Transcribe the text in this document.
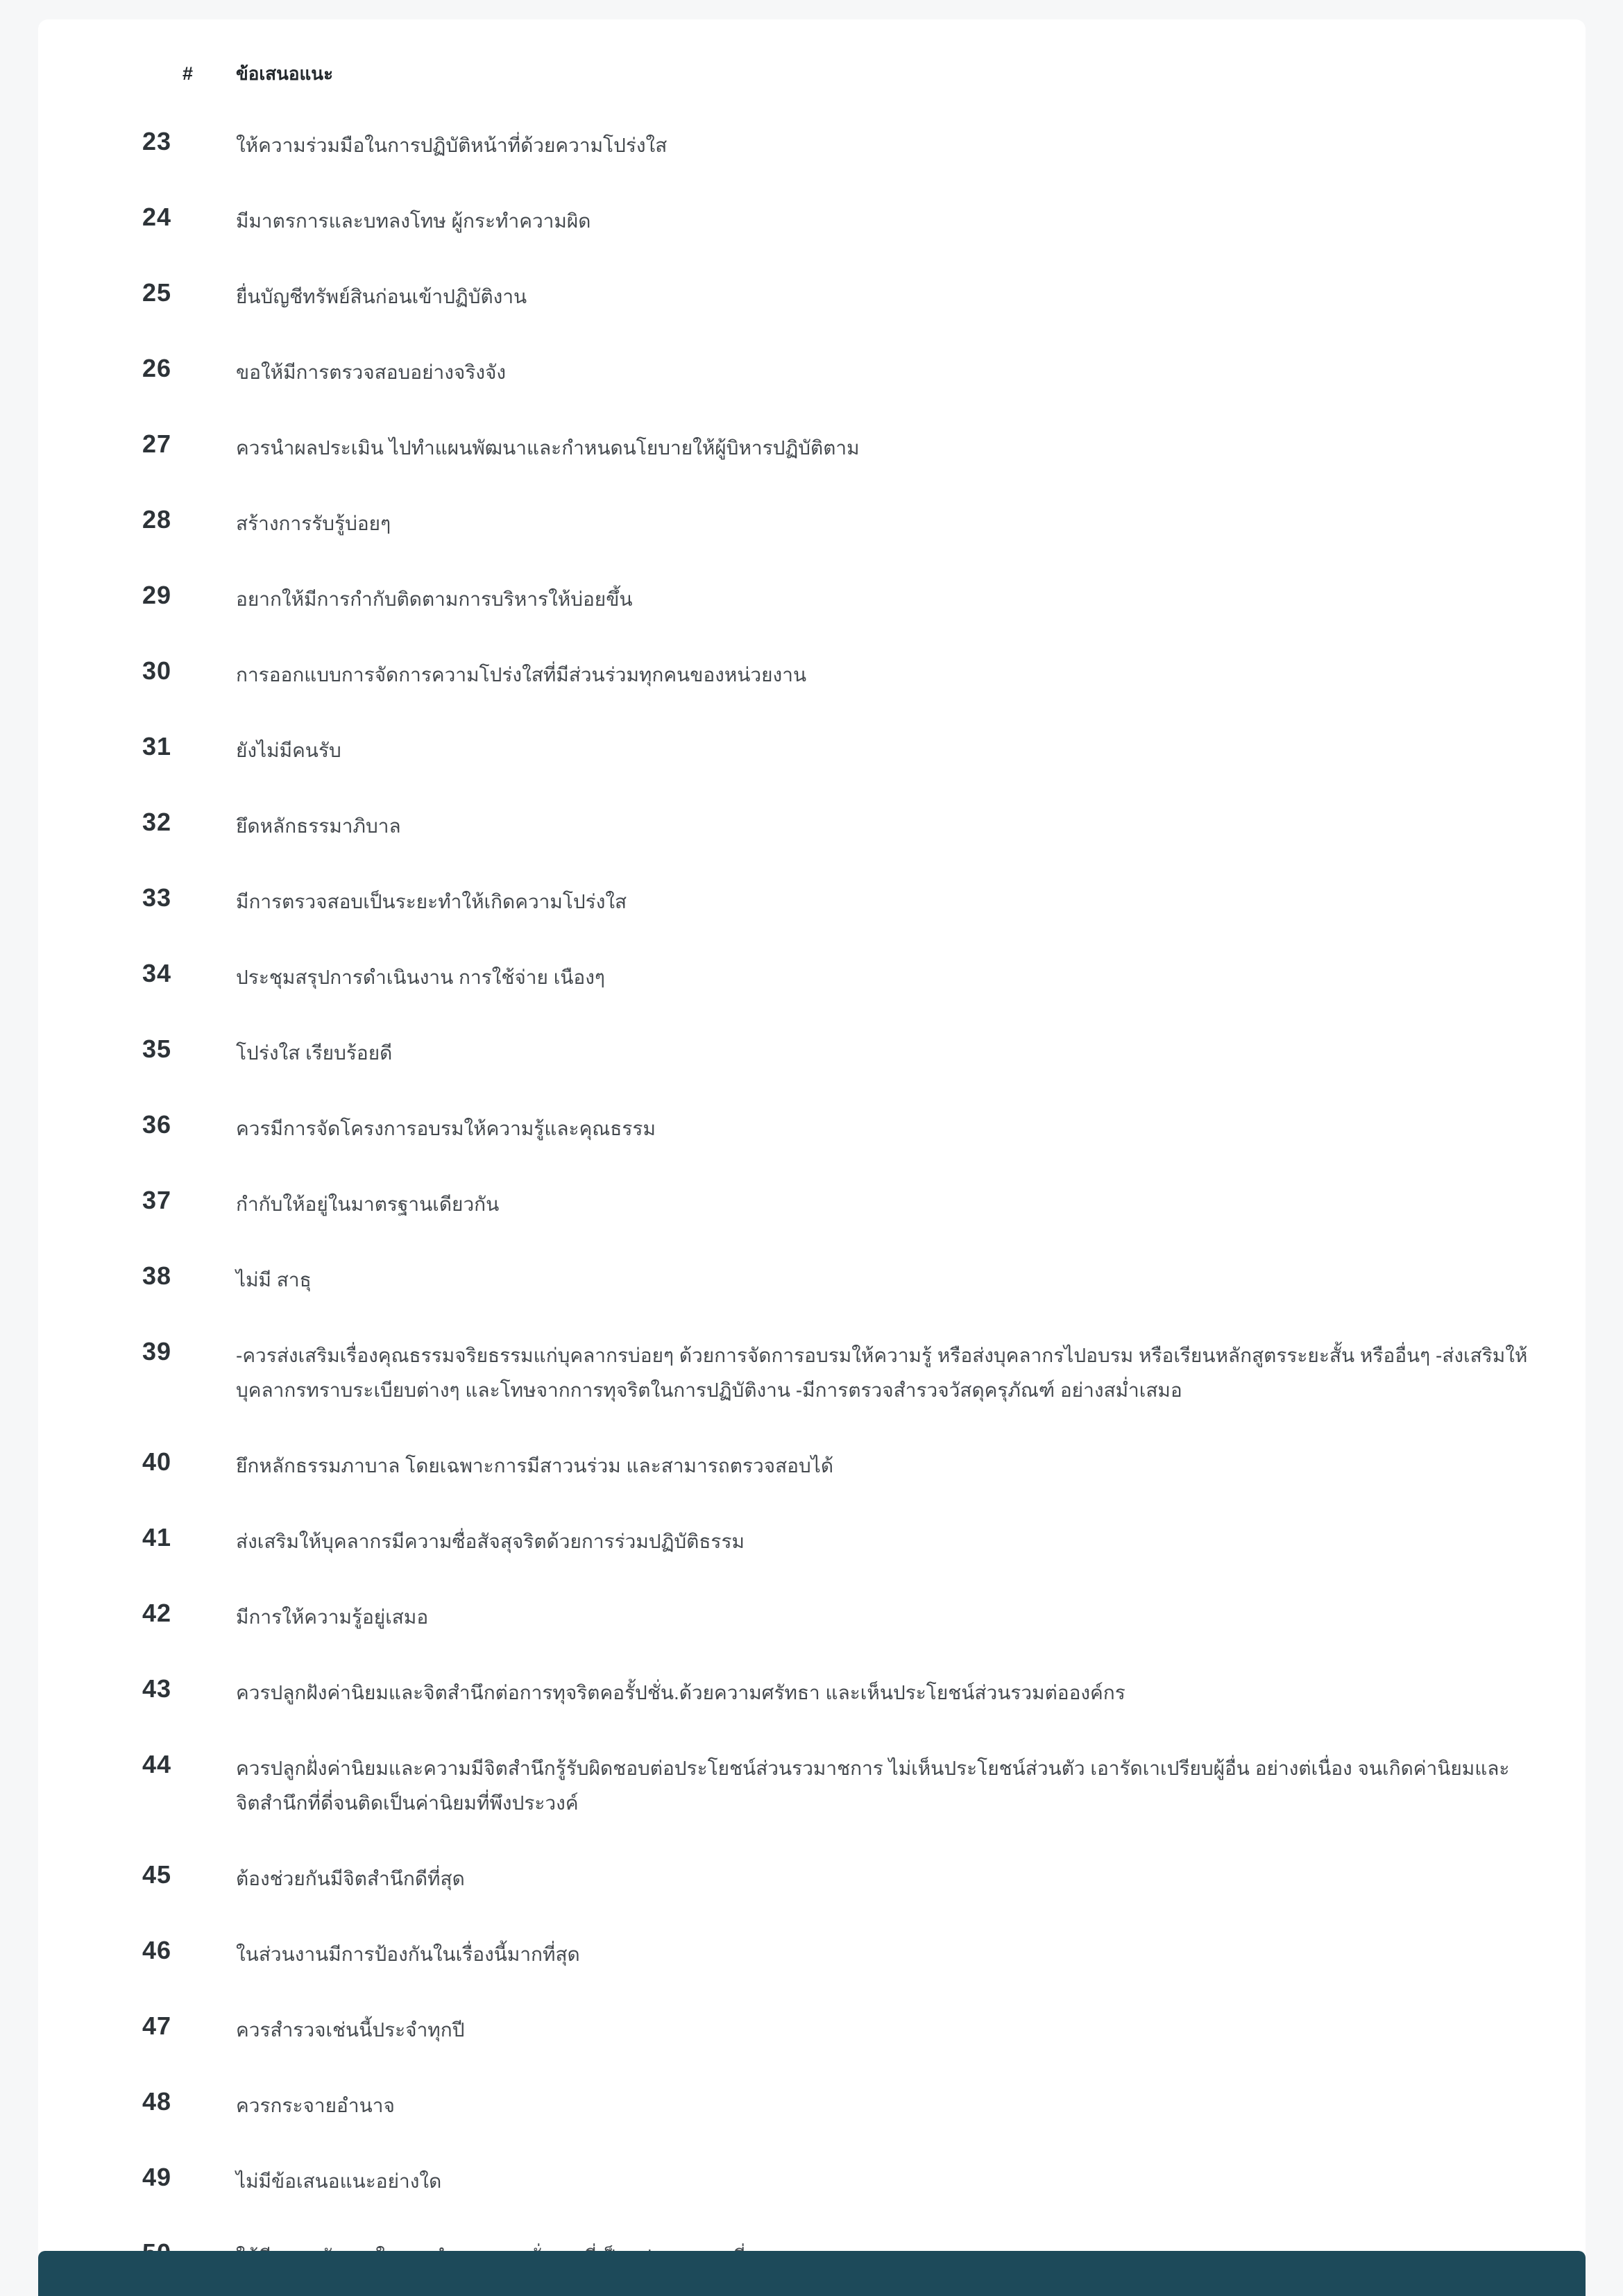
#	ข้อเสนอแนะ
23	ให้ความร่วมมือในการปฏิบัติหน้าที่ด้วยความโปร่งใส
24	มีมาตรการและบทลงโทษ ผู้กระทำความผิด
25	ยื่นบัญชีทรัพย์สินก่อนเข้าปฏิบัติงาน
26	ขอให้มีการตรวจสอบอย่างจริงจัง
27	ควรนำผลประเมิน ไปทำแผนพัฒนาและกำหนดนโยบายให้ผู้บิหารปฏิบัติตาม
28	สร้างการรับรู้บ่อยๆ
29	อยากให้มีการกำกับติดตามการบริหารให้บ่อยขึ้น
30	การออกแบบการจัดการความโปร่งใสที่มีส่วนร่วมทุกคนของหน่วยงาน
31	ยังไม่มีคนรับ
32	ยึดหลักธรรมาภิบาล
33	มีการตรวจสอบเป็นระยะทำให้เกิดความโปร่งใส
34	ประชุมสรุปการดำเนินงาน การใช้จ่าย เนืองๆ
35	โปร่งใส เรียบร้อยดี
36	ควรมีการจัดโครงการอบรมให้ความรู้และคุณธรรม
37	กำกับให้อยู่ในมาตรฐานเดียวกัน
38	ไม่มี สาธุ
39	-ควรส่งเสริมเรื่องคุณธรรมจริยธรรมแก่บุคลากรบ่อยๆ ด้วยการจัดการอบรมให้ความรู้ หรือส่งบุคลากรไปอบรม หรือเรียนหลักสูตรระยะสั้น หรืออื่นๆ -ส่งเสริมให้บุคลากรทราบระเบียบต่างๆ และโทษจากการทุจริตในการปฏิบัติงาน -มีการตรวจสำรวจวัสดุครุภัณฑ์ อย่างสม่ำเสมอ
40	ยึกหลักธรรมภาบาล โดยเฉพาะการมีสาวนร่วม และสามารถตรวจสอบได้
41	ส่งเสริมให้บุคลากรมีความซื่อสัจสุจริตด้วยการร่วมปฏิบัติธรรม
42	มีการให้ความรู้อยู่เสมอ
43	ควรปลูกฝังค่านิยมและจิตสำนึกต่อการทุจริตคอรั้ปชั่น.ด้วยความศรัทธา และเห็นประโยชน์ส่วนรวมต่อองค์กร
44	ควรปลูกฝั่งค่านิยมและความมีจิตสำนึกรู้รับผิดชอบต่อประโยชน์ส่วนรวมาชการ ไม่เห็นประโยชน์ส่วนตัว เอารัดเาเปรียบผู้อื่น อย่างต่เนื่อง จนเกิดค่านิยมและจิตสำนึกที่ดี่จนติดเป็นค่านิยมที่พึงประวงค์
45	ต้องช่วยกันมีจิตสำนึกดีที่สุด
46	ในส่วนงานมีการป้องกันในเรื่องนี้มากที่สุด
47	ควรสำรวจเช่นนี้ประจำทุกปี
48	ควรกระจายอำนาจ
49	ไม่มีข้อเสนอแนะอย่างใด
